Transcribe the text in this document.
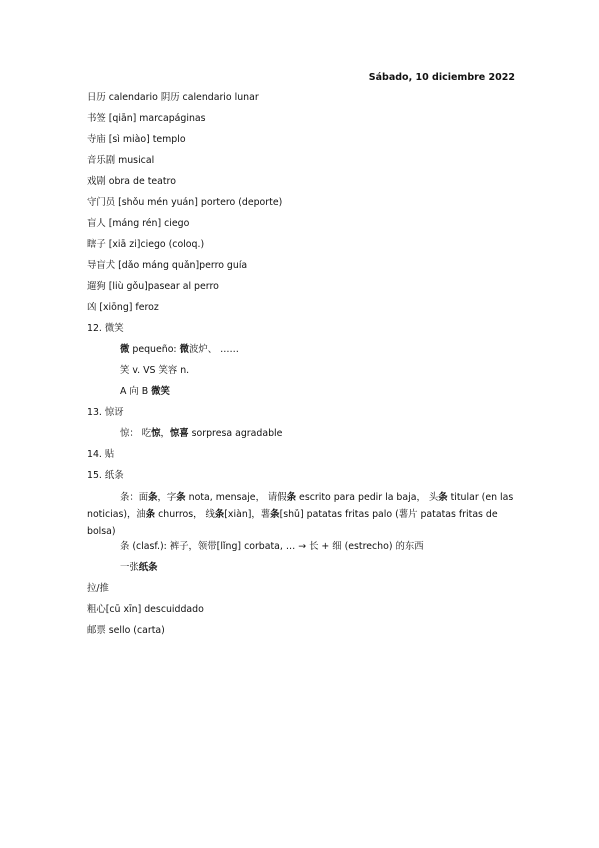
Sábado, 10 diciembre 2022
日历 calendario 阴历 calendario lunar
书签 [qiān] marcapáginas
寺庙 [sì miào] templo
音乐剧 musical
戏剧 obra de teatro
守门员 [shǒu mén yuán] portero (deporte)
盲人 [máng rén] ciego
瞎子 [xiā zi]ciego (coloq.)
导盲犬 [dǎo máng quǎn]perro guía
遛狗 [liù gǒu]pasear al perro
凶 [xiōng] feroz
12. 微笑
微 pequeño: 微波炉、 ……
笑 v. VS 笑容 n.
A 向 B 微笑
13. 惊讶
惊： 吃惊，惊喜 sorpresa agradable
14. 贴
15. 纸条
条：面条，字条 nota, mensaje， 请假条 escrito para pedir la baja， 头条 titular (en las noticias)，油条 churros， 线条[xiàn]，薯条[shǔ] patatas fritas palo (薯片 patatas fritas de bolsa)
条 (clasf.): 裤子，领带[lǐng] corbata, … → 长 + 细 (estrecho) 的东西
一张纸条
拉/推
粗心[cū xīn] descuiddado
邮票 sello (carta)
